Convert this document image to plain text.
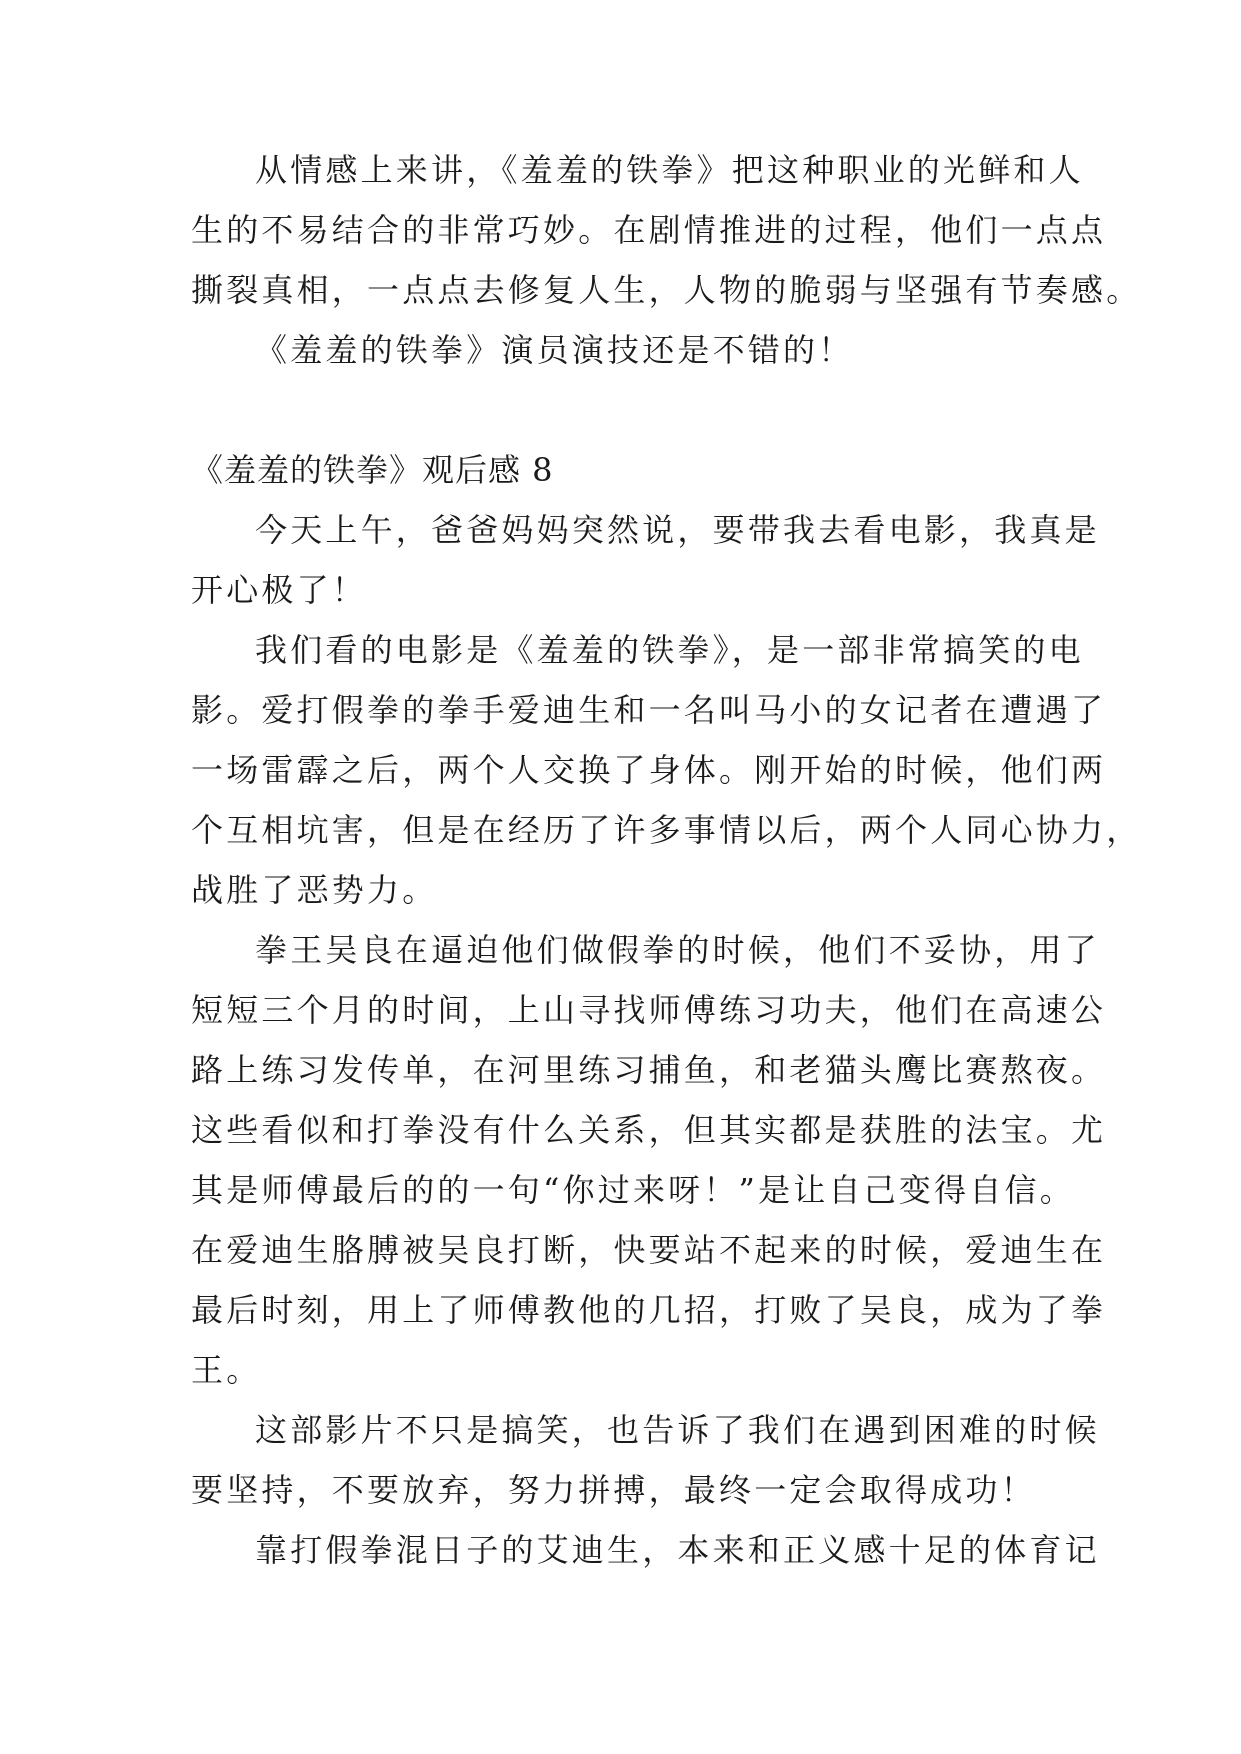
从情感上来讲，《羞羞的铁拳》把这种职业的光鲜和人
生的不易结合的非常巧妙。在剧情推进的过程，他们一点点
撕裂真相，一点点去修复人生，人物的脆弱与坚强有节奏感。
《羞羞的铁拳》演员演技还是不错的！
《羞羞的铁拳》观后感 8
今天上午，爸爸妈妈突然说，要带我去看电影，我真是
开心极了！
我们看的电影是《羞羞的铁拳》，是一部非常搞笑的电
影。爱打假拳的拳手爱迪生和一名叫马小的女记者在遭遇了
一场雷霹之后，两个人交换了身体。刚开始的时候，他们两
个互相坑害，但是在经历了许多事情以后，两个人同心协力，
战胜了恶势力。
拳王吴良在逼迫他们做假拳的时候，他们不妥协，用了
短短三个月的时间，上山寻找师傅练习功夫，他们在高速公
路上练习发传单，在河里练习捕鱼，和老猫头鹰比赛熬夜。
这些看似和打拳没有什么关系，但其实都是获胜的法宝。尤
其是师傅最后的的一句“你过来呀！”是让自己变得自信。
在爱迪生胳膊被吴良打断，快要站不起来的时候，爱迪生在
最后时刻，用上了师傅教他的几招，打败了吴良，成为了拳
王。
这部影片不只是搞笑，也告诉了我们在遇到困难的时候
要坚持，不要放弃，努力拼搏，最终一定会取得成功！
靠打假拳混日子的艾迪生，本来和正义感十足的体育记
